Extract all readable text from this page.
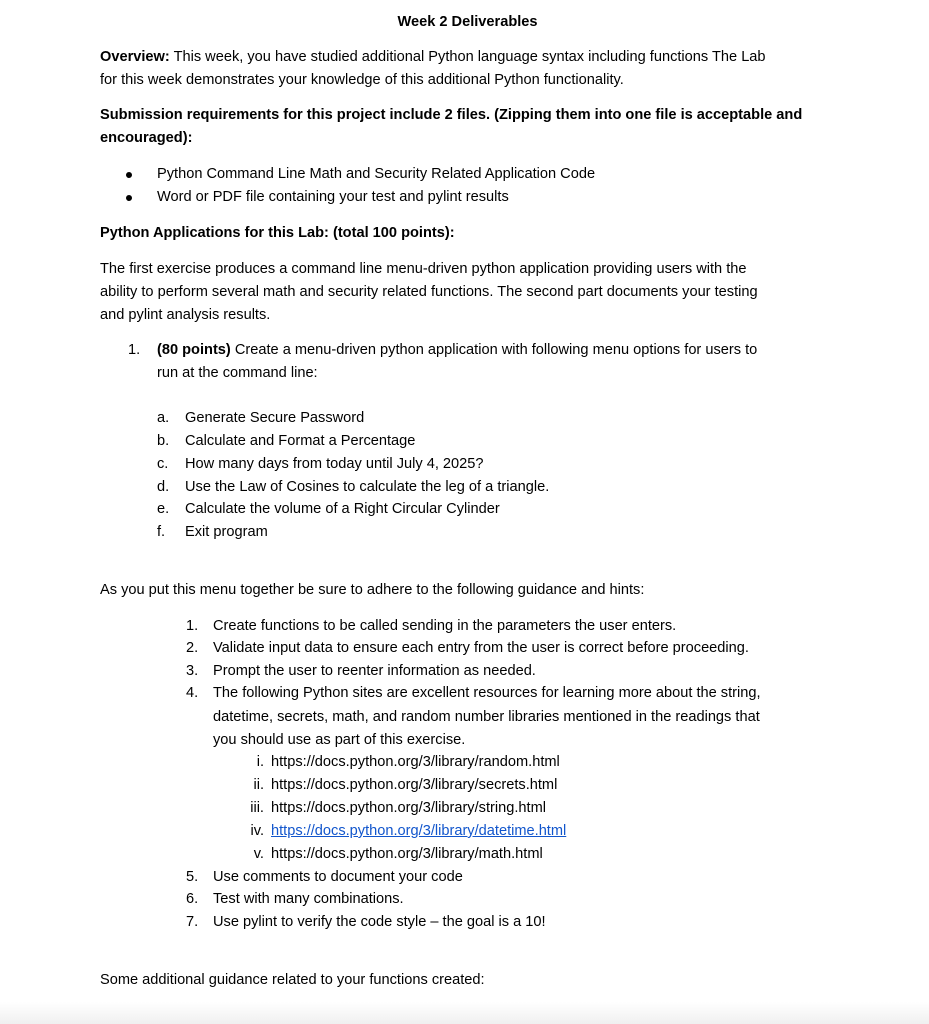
Week 2 Deliverables
Overview: This week, you have studied additional Python language syntax including functions The Lab
for this week demonstrates your knowledge of this additional Python functionality.
Submission requirements for this project include 2 files. (Zipping them into one file is acceptable and
encouraged):
Python Command Line Math and Security Related Application Code
Word or PDF file containing your test and pylint results
Python Applications for this Lab: (total 100 points):
The first exercise produces a command line menu-driven python application providing users with the
ability to perform several math and security related functions. The second part documents your testing
and pylint analysis results.
1. (80 points) Create a menu-driven python application with following menu options for users to
run at the command line:
a. Generate Secure Password
b. Calculate and Format a Percentage
c. How many days from today until July 4, 2025?
d. Use the Law of Cosines to calculate the leg of a triangle.
e. Calculate the volume of a Right Circular Cylinder
f. Exit program
As you put this menu together be sure to adhere to the following guidance and hints:
1. Create functions to be called sending in the parameters the user enters.
2. Validate input data to ensure each entry from the user is correct before proceeding.
3. Prompt the user to reenter information as needed.
4. The following Python sites are excellent resources for learning more about the string,
datetime, secrets, math, and random number libraries mentioned in the readings that
you should use as part of this exercise.
i. https://docs.python.org/3/library/random.html
ii. https://docs.python.org/3/library/secrets.html
iii. https://docs.python.org/3/library/string.html
iv. https://docs.python.org/3/library/datetime.html
v. https://docs.python.org/3/library/math.html
5. Use comments to document your code
6. Test with many combinations.
7. Use pylint to verify the code style – the goal is a 10!
Some additional guidance related to your functions created:
